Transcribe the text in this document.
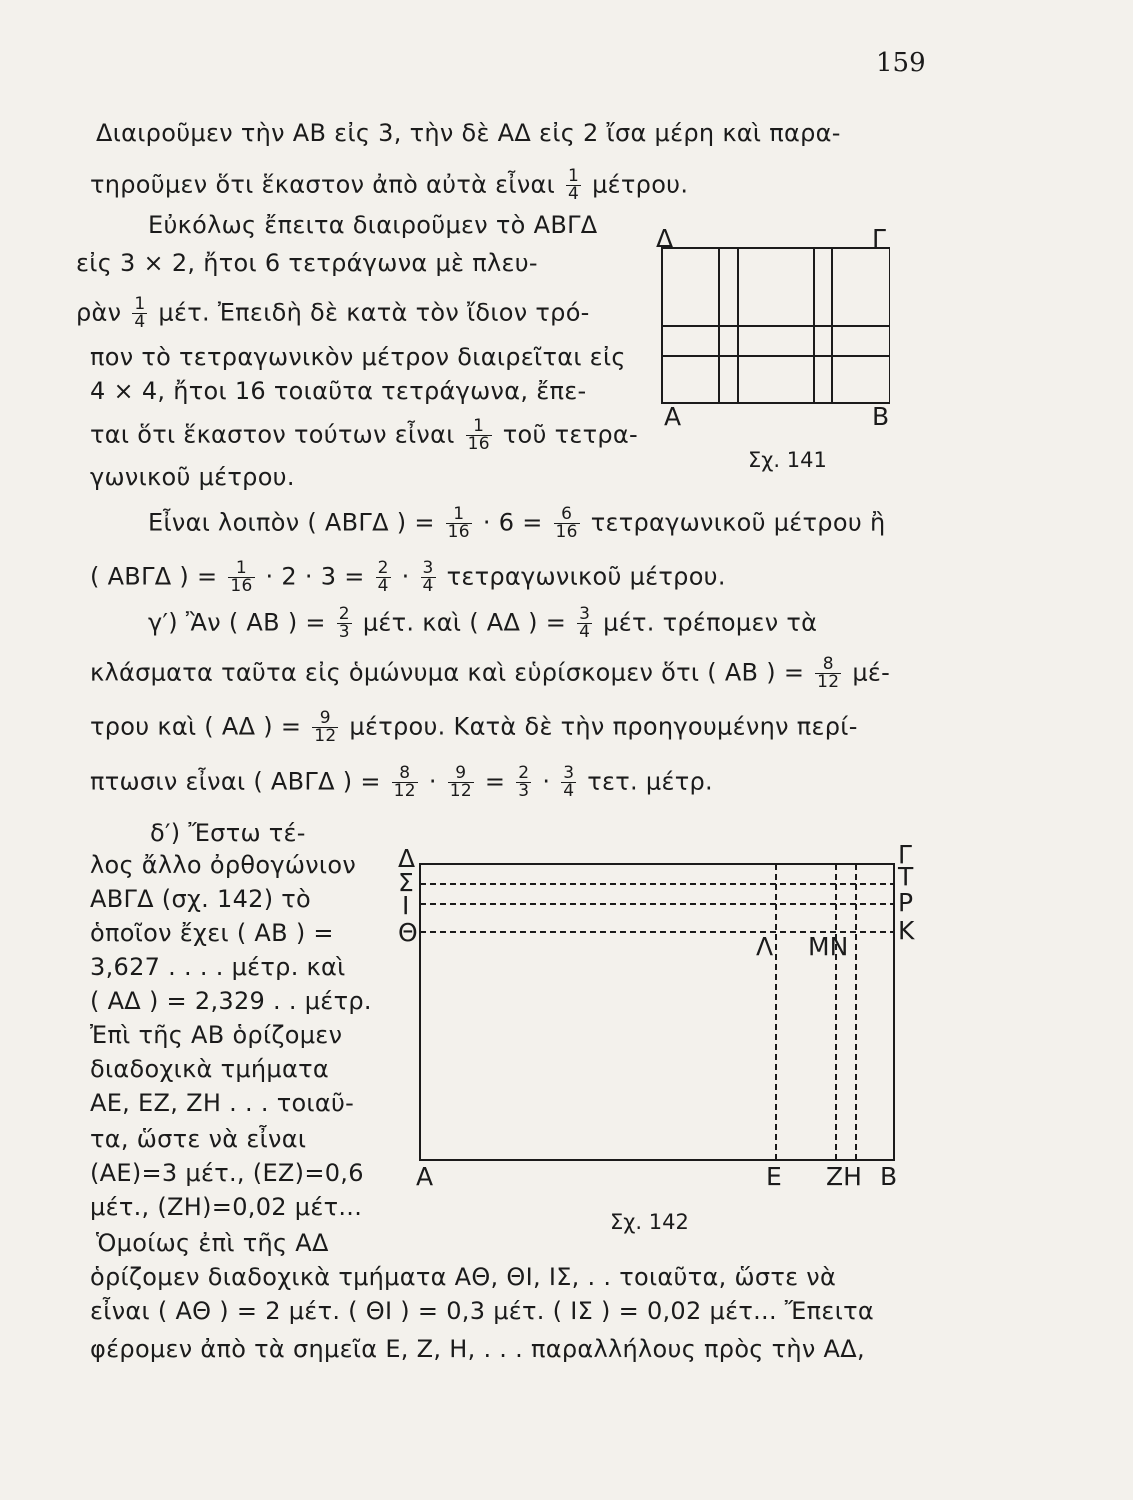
159
Διαιροῦμεν τὴν ΑΒ εἰς 3, τὴν δὲ ΑΔ εἰς 2 ἴσα μέρη καὶ παρα-
τηροῦμεν ὅτι ἕκαστον ἀπὸ αὐτὰ εἶναι $\frac{1}{4} \mu έ\tau\rho o\upsilon$.
Εὐκόλως ἔπειτα διαιροῦμεν τὸ ΑΒΓΔ
εἰς 3 × 2, ἤτοι 6 τετράγωνα μὲ πλευ-
ρὰν $\frac{1}{4} \mu έ\tau$. Ἐπειδὴ δὲ κατὰ τὸν ἴδιον τρό-
πον τὸ τετραγωνικὸν μέτρον διαιρεῖται εἰς
4 × 4, ἤτοι 16 τοιαῦτα τετράγωνα, ἔπε-
ται ὅτι ἕκαστον τούτων εἶναι $\frac{1}{16}$ τοῦ τετρα-
γωνικοῦ μέτρου.
Εἶναι λοιπὸν ( ΑΒΓΔ ) = $\frac{1}{16} \cdot 6 = \frac{6}{16}$ τετραγωνικοῦ μέτρου ἢ
( ΑΒΓΔ ) = $\frac{1}{16} \cdot 2 \cdot 3 = \frac{2}{4} \cdot \frac{3}{4}$ τετραγωνικοῦ μέτρου.
γ′) Ἂν ( ΑΒ ) = $\frac{2}{3} \mu έ\tau$. καὶ ( ΑΔ ) = $\frac{3}{4} \mu έ\tau$. τρέπομεν τὰ
κλάσματα ταῦτα εἰς ὁμώνυμα καὶ εὑρίσκομεν ὅτι ( ΑΒ ) = $\frac{8}{12} \mu έ-$
τρου καὶ ( ΑΔ ) = $\frac{9}{12} \mu έ\tau\rho o\upsilon$. Κατὰ δὲ τὴν προηγουμένην περί-
πτωσιν εἶναι ( ΑΒΓΔ ) = $\frac{8}{12} \cdot \frac{9}{12} = \frac{2}{3} \cdot \frac{3}{4} \tau\varepsilon\tau$. μέτρ.
δ′) Ἔστω τέ-
λος ἄλλο ὀρθογώνιον
ΑΒΓΔ (σχ. 142) τὸ
ὁποῖον ἔχει ( ΑΒ ) =
3,627 . . . . μέτρ. καὶ
( ΑΔ ) = 2,329 . . μέτρ.
Ἐπὶ τῆς ΑΒ ὁρίζομεν
διαδοχικὰ τμήματα
ΑΕ, ΕΖ, ΖΗ . . . τοιαῦ-
τα, ὥστε νὰ εἶναι
(ΑΕ)=3 μέτ., (ΕΖ)=0,6
μέτ., (ΖΗ)=0,02 μέτ...
Ὁμοίως ἐπὶ τῆς ΑΔ
ὁρίζομεν διαδοχικὰ τμήματα ΑΘ, ΘΙ, ΙΣ, . . τοιαῦτα, ὥστε νὰ
εἶναι ( ΑΘ ) = 2 μέτ. ( ΘΙ ) = 0,3 μέτ. ( ΙΣ ) = 0,02 μέτ... Ἔπειτα
φέρομεν ἀπὸ τὰ σημεῖα Ε, Ζ, Η, . . . παραλλήλους πρὸς τὴν ΑΔ,
Δ	Γ
Α	Β
Σχ. 141
Δ
Σ
Ι
Θ
Α
Γ
Τ
Ρ
Κ
Λ ΜΝ
Ε ΖΗ Β
Σχ. 142
